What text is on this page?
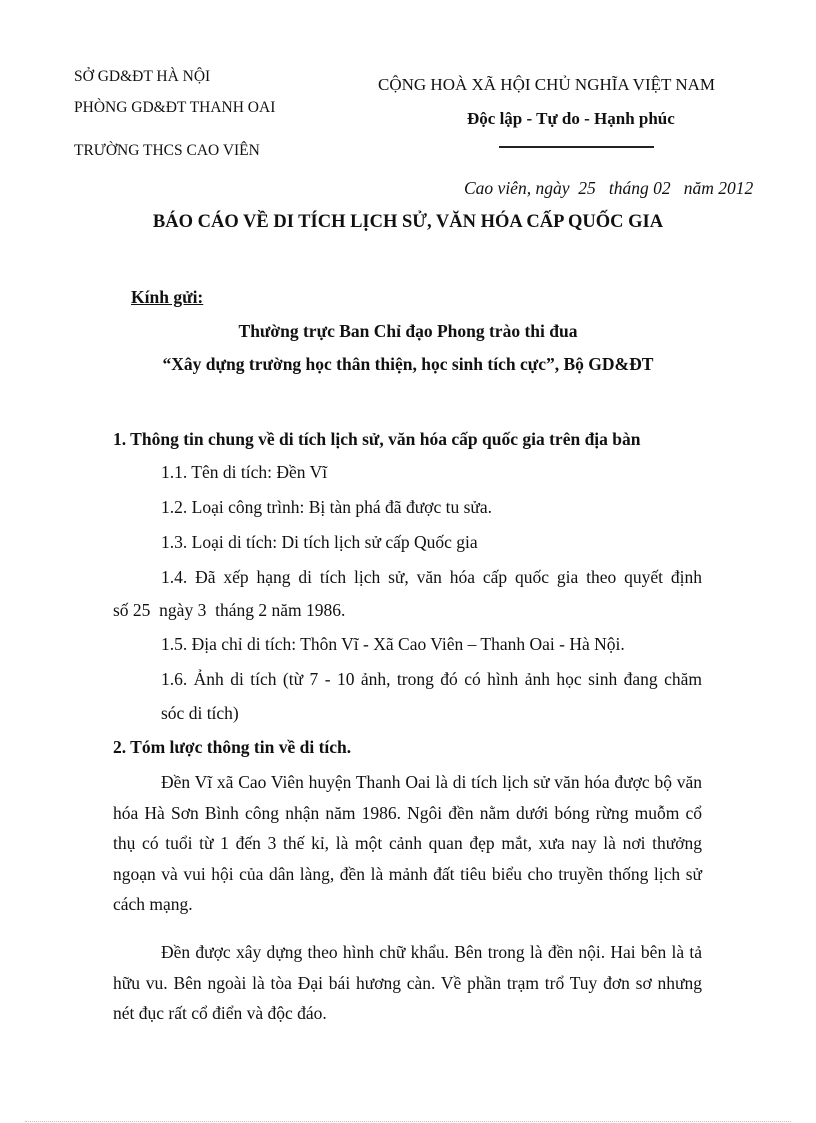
SỞ GD&ĐT HÀ NỘI
PHÒNG GD&ĐT THANH OAI
TRƯỜNG THCS CAO VIÊN
CỘNG HOÀ XÃ HỘI CHỦ NGHĨA VIỆT NAM
Độc lập - Tự do - Hạnh phúc
Cao viên, ngày  25   tháng 02   năm 2012
BÁO CÁO VỀ DI TÍCH LỊCH SỬ, VĂN HÓA CẤP QUỐC GIA
Kính gửi:
Thường trực Ban Chỉ đạo Phong trào thi đua
“Xây dựng trường học thân thiện, học sinh tích cực”, Bộ GD&ĐT
1. Thông tin chung về di tích lịch sử, văn hóa cấp quốc gia trên địa bàn
1.1. Tên di tích: Đền Vĩ
1.2. Loại công trình: Bị tàn phá đã được tu sửa.
1.3. Loại di tích: Di tích lịch sử cấp Quốc gia
1.4. Đã xếp hạng di tích lịch sử, văn hóa cấp quốc gia theo quyết định
số 25  ngày 3  tháng 2 năm 1986.
1.5. Địa chỉ di tích: Thôn Vĩ - Xã Cao Viên – Thanh Oai - Hà Nội.
1.6. Ảnh di tích (từ 7 - 10 ảnh, trong đó có hình ảnh học sinh đang chăm
sóc di tích)
2. Tóm lược thông tin về di tích.
Đền Vĩ xã Cao Viên huyện Thanh Oai là di tích lịch sử văn hóa được bộ văn hóa Hà Sơn Bình công nhận năm 1986. Ngôi đền nằm dưới bóng rừng muỗm cổ thụ có tuổi từ 1 đến 3 thế kỉ, là một cảnh quan đẹp mắt, xưa nay là nơi thưởng ngoạn và vui hội của dân làng, đền là mảnh đất tiêu biểu cho truyền thống lịch sử cách mạng.
Đền được xây dựng theo hình chữ khẩu. Bên trong là đền nội. Hai bên là tả hữu vu. Bên ngoài là tòa Đại bái hương càn. Về phần trạm trổ Tuy đơn sơ nhưng nét đục rất cổ điển và độc đáo.
